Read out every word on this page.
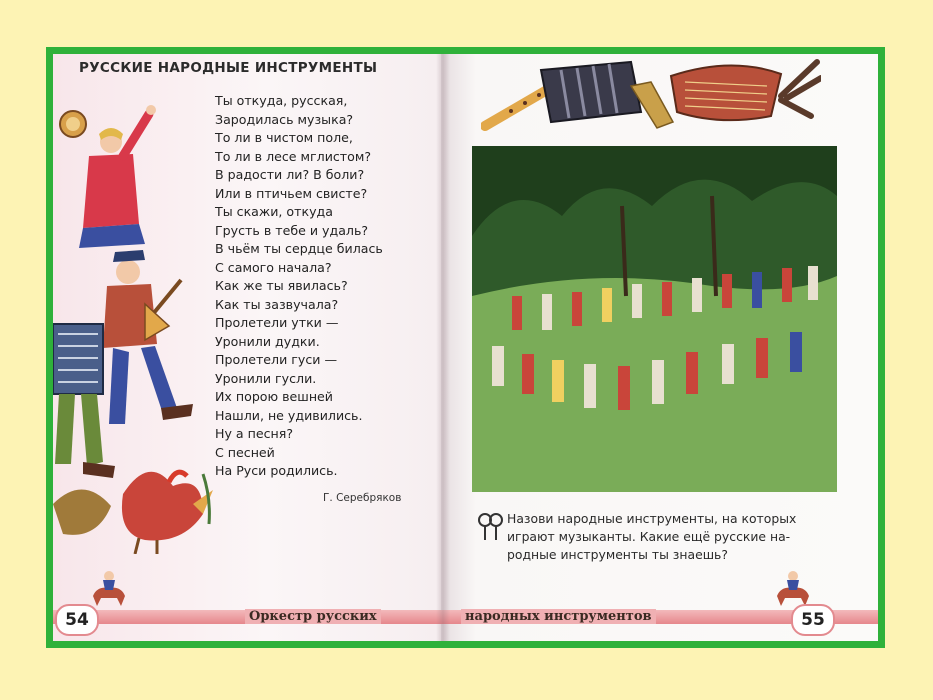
РУССКИЕ НАРОДНЫЕ ИНСТРУМЕНТЫ
Ты откуда, русская,
Зародилась музыка?
То ли в чистом поле,
То ли в лесе мглистом?
В радости ли? В боли?
Или в птичьем свисте?
Ты скажи, откуда
Грусть в тебе и удаль?
В чьём ты сердце билась
С самого начала?
Как же ты явилась?
Как ты зазвучала?
Пролетели утки —
Уронили дудки.
Пролетели гуси —
Уронили гусли.
Их порою вешней
Нашли, не удивились.
Ну а песня?
С песней
На Руси родились.
Г. Серебряков
54	Оркестр русских
Назови народные инструменты, на которых
играют музыканты. Какие ещё русские на-
родные инструменты ты знаешь?
народных инструментов	55
